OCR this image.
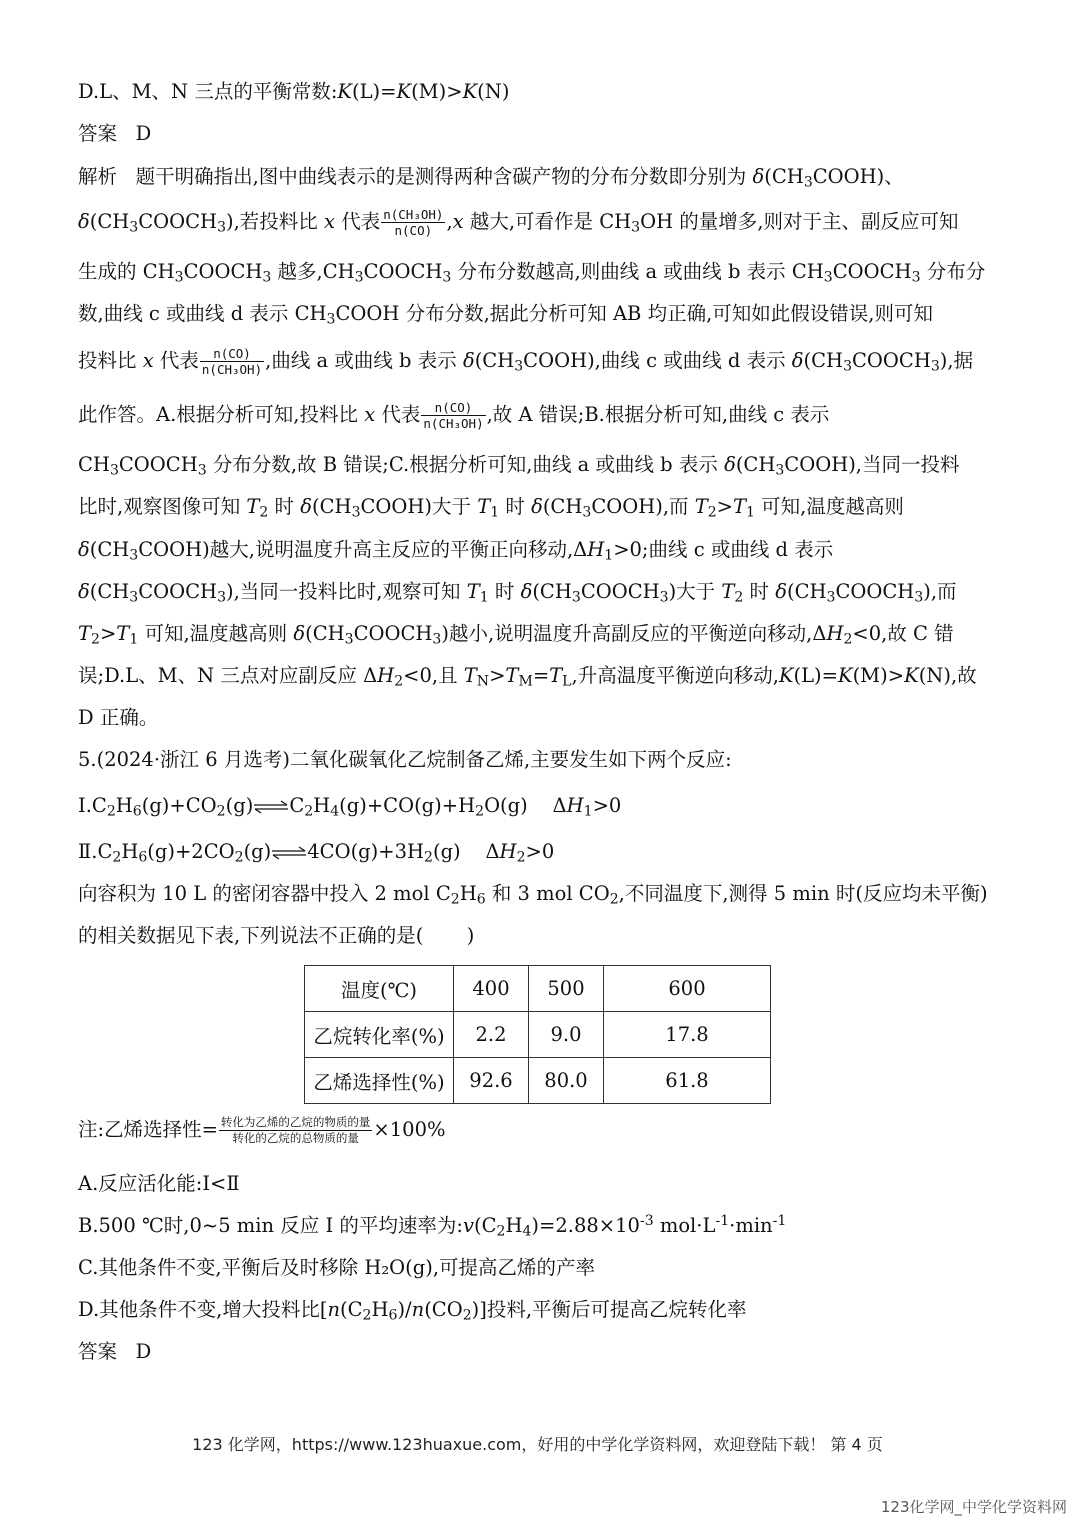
D.L、M、N 三点的平衡常数:K(L)=K(M)>K(N)
答案 D
解析   题干明确指出,图中曲线表示的是测得两种含碳产物的分布分数即分别为 $\delta(CH_3COOH)$、
$\delta(CH_3COOCH_3)$,若投料比 x 代表 $\frac{\text{n(CH₃OH)}}{n(CO)} ,x$ 越大,可看作是 $CH_3OH$ 的量增多,则对于主、副反应可知
生成的 $CH_3COOCH_3$ 越多$,CH_3COOCH_3$ 分布分数越高,则曲线 a 或曲线 b 表示 $CH_3COOCH_3$ 分布分
数,曲线 c 或曲线 d 表示 $CH_3COOH$ 分布分数,据此分析可知 AB 均正确,可知如此假设错误,则可知
投料比 x 代表 $\frac{n(CO)}{\text{n(CH₃OH)}}$ ,曲线 a 或曲线 b 表示 $\delta(CH_3COOH)$,曲线 c 或曲线 d 表示 $\delta(CH_3COOCH_3)$,据
此作答。A.根据分析可知,投料比 x 代表 $\frac{n(CO)}{\text{n(CH₃OH)}}$ ,故 A 错误;B.根据分析可知,曲线 c 表示
$CH_3COOCH_3$ 分布分数,故 B 错误;C.根据分析可知,曲线 a 或曲线 b 表示 $\delta(CH_3COOH)$,当同一投料
比时,观察图像可知 $T_2$ 时 $\delta(CH_3COOH)$大于 $T_1$ 时 $\delta(CH_3COOH)$,而 $T_2>T_1$ 可知,温度越高则
$\delta(CH_3COOH)$越大,说明温度升高主反应的平衡正向移动$,\Delta H_1>0$;曲线 c 或曲线 d 表示
$\delta(CH_3COOCH_3)$,当同一投料比时,观察可知 $T_1$ 时 $\delta(CH_3COOCH_3)$大于 $T_2$ 时 $\delta(CH_3COOCH_3)$,而
$T_2>T_1$ 可知,温度越高则 $\delta(CH_3COOCH_3)$越小,说明温度升高副反应的平衡逆向移动$,\Delta H_2<0$,故 C 错
误;D.L、M、N 三点对应副反应 $\Delta H_2<0$,且 $T_N>T_M=T_L$,升高温度平衡逆向移动,K(L)=K(M)>K(N),故
D 正确。
5.(2024·浙江 6 月选考)二氧化碳氧化乙烷制备乙烯,主要发生如下两个反应:
$Ⅰ.C_2H_6(g)+CO_2(g)\rightleftharpoons C_2H_4(g)+CO(g)+H_2O(g)$    $\Delta H_1>0$
$Ⅱ.C_2H_6(g)+2CO_2(g)\rightleftharpoons 4CO(g)+3H_2(g)$    $\Delta H_2>0$
向容积为 10 L 的密闭容器中投入 2 mol $C_2H_6$ 和 3 mol $CO_2$,不同温度下,测得 5 min 时(反应均未平衡)
的相关数据见下表,下列说法不正确的是(       )
温度(℃)	400	500	600
乙烷转化率(%)	2.2	9.0	17.8
乙烯选择性(%)	92.6	80.0	61.8
注:乙烯选择性= $\frac{\text{转化为乙烯的乙烷的物质的量}}{\text{转化的乙烷的总物质的量}} \times 100\%$
A.反应活化能:Ⅰ<Ⅱ
B.500 ℃时,0~5 min 反应 Ⅰ 的平均速率为$:v(C_2H_4)=2.88\times 10^{-3}$ $mol\cdot L^{-1}\cdot\min^{-1}$
C.其他条件不变,平衡后及时移除 H₂O(g),可提高乙烯的产率
D.其他条件不变,增大投料比$[n(C_2H_6)/n(CO_2)]$投料,平衡后可提高乙烷转化率
答案 D
123 化学网，https://www.123huaxue.com，好用的中学化学资料网，欢迎登陆下载！ 第 4 页
123化学网_中学化学资料网
